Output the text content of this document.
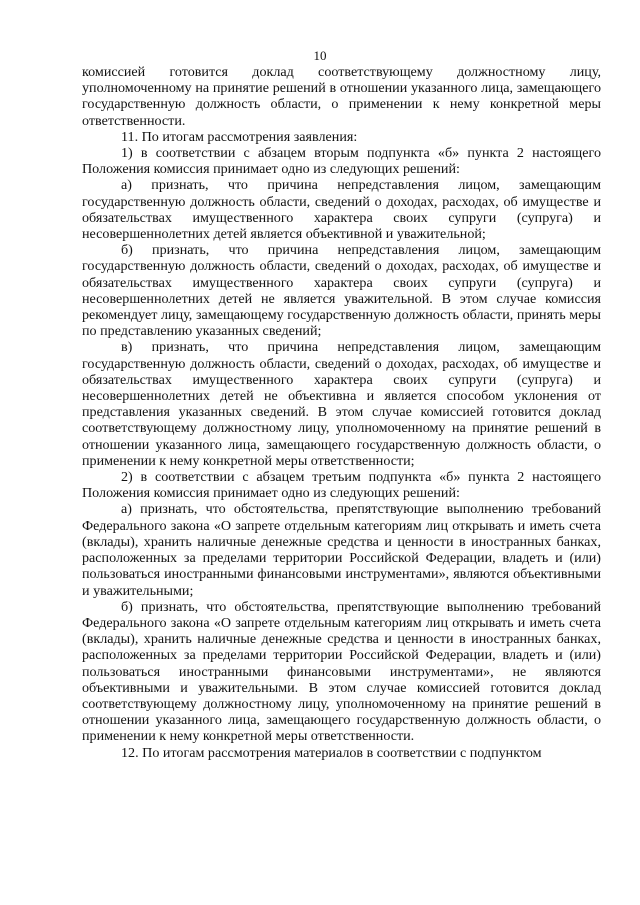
10

комиссией готовится доклад соответствующему должностному лицу, уполномоченному на принятие решений в отношении указанного лица, замещающего государственную должность области, о применении к нему конкретной меры ответственности.

11. По итогам рассмотрения заявления:

1) в соответствии с абзацем вторым подпункта «б» пункта 2 настоящего Положения комиссия принимает одно из следующих решений:

а) признать, что причина непредставления лицом, замещающим государственную должность области, сведений о доходах, расходах, об имуществе и обязательствах имущественного характера своих супруги (супруга) и несовершеннолетних детей является объективной и уважительной;

б) признать, что причина непредставления лицом, замещающим государственную должность области, сведений о доходах, расходах, об имуществе и обязательствах имущественного характера своих супруги (супруга) и несовершеннолетних детей не является уважительной. В этом случае комиссия рекомендует лицу, замещающему государственную должность области, принять меры по представлению указанных сведений;

в) признать, что причина непредставления лицом, замещающим государственную должность области, сведений о доходах, расходах, об имуществе и обязательствах имущественного характера своих супруги (супруга) и несовершеннолетних детей не объективна и является способом уклонения от представления указанных сведений. В этом случае комиссией готовится доклад соответствующему должностному лицу, уполномоченному на принятие решений в отношении указанного лица, замещающего государственную должность области, о применении к нему конкретной меры ответственности;

2) в соответствии с абзацем третьим подпункта «б» пункта 2 настоящего Положения комиссия принимает одно из следующих решений:

а) признать, что обстоятельства, препятствующие выполнению требований Федерального закона «О запрете отдельным категориям лиц открывать и иметь счета (вклады), хранить наличные денежные средства и ценности в иностранных банках, расположенных за пределами территории Российской Федерации, владеть и (или) пользоваться иностранными финансовыми инструментами», являются объективными и уважительными;

б) признать, что обстоятельства, препятствующие выполнению требований Федерального закона «О запрете отдельным категориям лиц открывать и иметь счета (вклады), хранить наличные денежные средства и ценности в иностранных банках, расположенных за пределами территории Российской Федерации, владеть и (или) пользоваться иностранными финансовыми инструментами», не являются объективными и уважительными. В этом случае комиссией готовится доклад соответствующему должностному лицу, уполномоченному на принятие решений в отношении указанного лица, замещающего государственную должность области, о применении к нему конкретной меры ответственности.

12. По итогам рассмотрения материалов в соответствии с подпунктом
